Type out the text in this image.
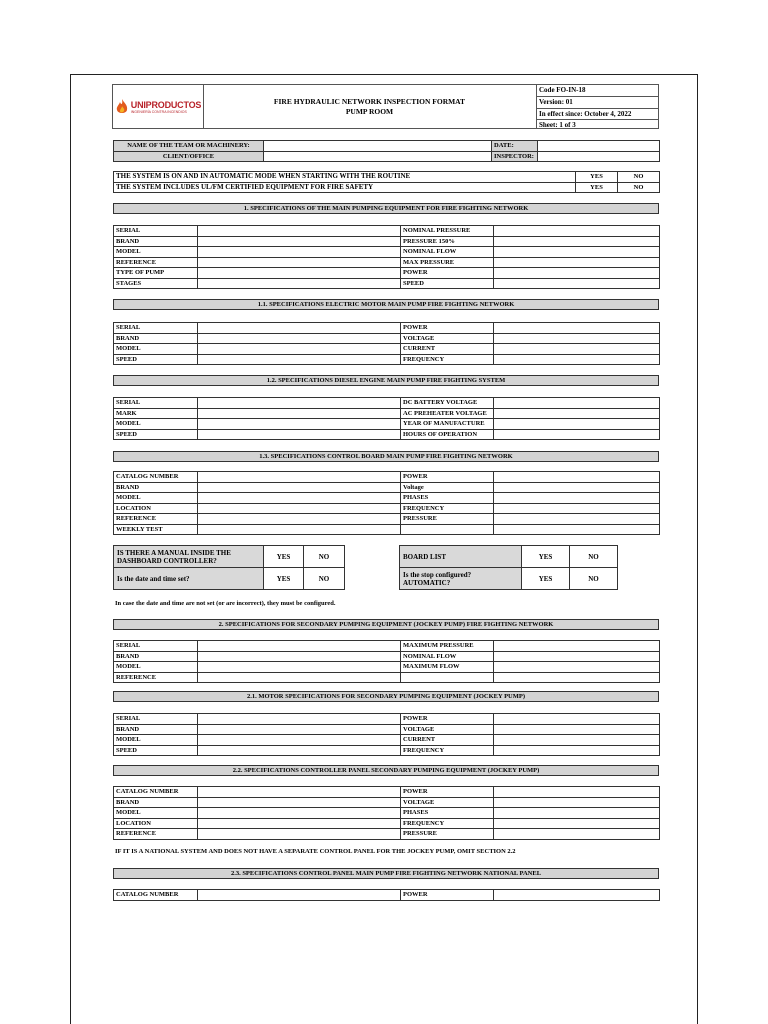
UNIPRODUCTOS
INGENIERÍA CONTRA INCENDIOS
FIRE HYDRAULIC NETWORK INSPECTION FORMAT
PUMP ROOM
Code FO-IN-18
Version: 01
In effect since: October 4, 2022
Sheet: 1 of 3
NAME OF THE TEAM OR MACHINERY:		DATE:	
CLIENT/OFFICE		INSPECTOR:	
THE SYSTEM IS ON AND IN AUTOMATIC MODE WHEN STARTING WITH THE ROUTINE	YES	NO
THE SYSTEM INCLUDES UL/FM CERTIFIED EQUIPMENT FOR FIRE SAFETY	YES	NO
1. SPECIFICATIONS OF THE MAIN PUMPING EQUIPMENT FOR FIRE FIGHTING NETWORK
SERIAL		NOMINAL PRESSURE	
BRAND		PRESSURE 150%	
MODEL		NOMINAL FLOW	
REFERENCE		MAX PRESSURE	
TYPE OF PUMP		POWER	
STAGES		SPEED	
1.1. SPECIFICATIONS ELECTRIC MOTOR MAIN PUMP FIRE FIGHTING NETWORK
SERIAL		POWER	
BRAND		VOLTAGE	
MODEL		CURRENT	
SPEED		FREQUENCY	
1.2. SPECIFICATIONS DIESEL ENGINE MAIN PUMP FIRE FIGHTING SYSTEM
SERIAL		DC BATTERY VOLTAGE	
MARK		AC PREHEATER VOLTAGE	
MODEL		YEAR OF MANUFACTURE	
SPEED		HOURS OF OPERATION	
1.3. SPECIFICATIONS CONTROL BOARD MAIN PUMP FIRE FIGHTING NETWORK
CATALOG NUMBER		POWER	
BRAND		Voltage	
MODEL		PHASES	
LOCATION		FREQUENCY	
REFERENCE		PRESSURE	
WEEKLY TEST			
IS THERE A MANUAL INSIDE THE DASHBOARD CONTROLLER?	YES	NO
Is the date and time set?	YES	NO
BOARD LIST	YES	NO
Is the stop configured? AUTOMATIC?	YES	NO
In case the date and time are not set (or are incorrect), they must be configured.
2. SPECIFICATIONS FOR SECONDARY PUMPING EQUIPMENT (JOCKEY PUMP) FIRE FIGHTING NETWORK
SERIAL		MAXIMUM PRESSURE	
BRAND		NOMINAL FLOW	
MODEL		MAXIMUM FLOW	
REFERENCE			
2.1. MOTOR SPECIFICATIONS FOR SECONDARY PUMPING EQUIPMENT (JOCKEY PUMP)
SERIAL		POWER	
BRAND		VOLTAGE	
MODEL		CURRENT	
SPEED		FREQUENCY	
2.2. SPECIFICATIONS CONTROLLER PANEL SECONDARY PUMPING EQUIPMENT (JOCKEY PUMP)
CATALOG NUMBER		POWER	
BRAND		VOLTAGE	
MODEL		PHASES	
LOCATION		FREQUENCY	
REFERENCE		PRESSURE	
IF IT IS A NATIONAL SYSTEM AND DOES NOT HAVE A SEPARATE CONTROL PANEL FOR THE JOCKEY PUMP, OMIT SECTION 2.2
2.3. SPECIFICATIONS CONTROL PANEL MAIN PUMP FIRE FIGHTING NETWORK NATIONAL PANEL
CATALOG NUMBER		POWER	
